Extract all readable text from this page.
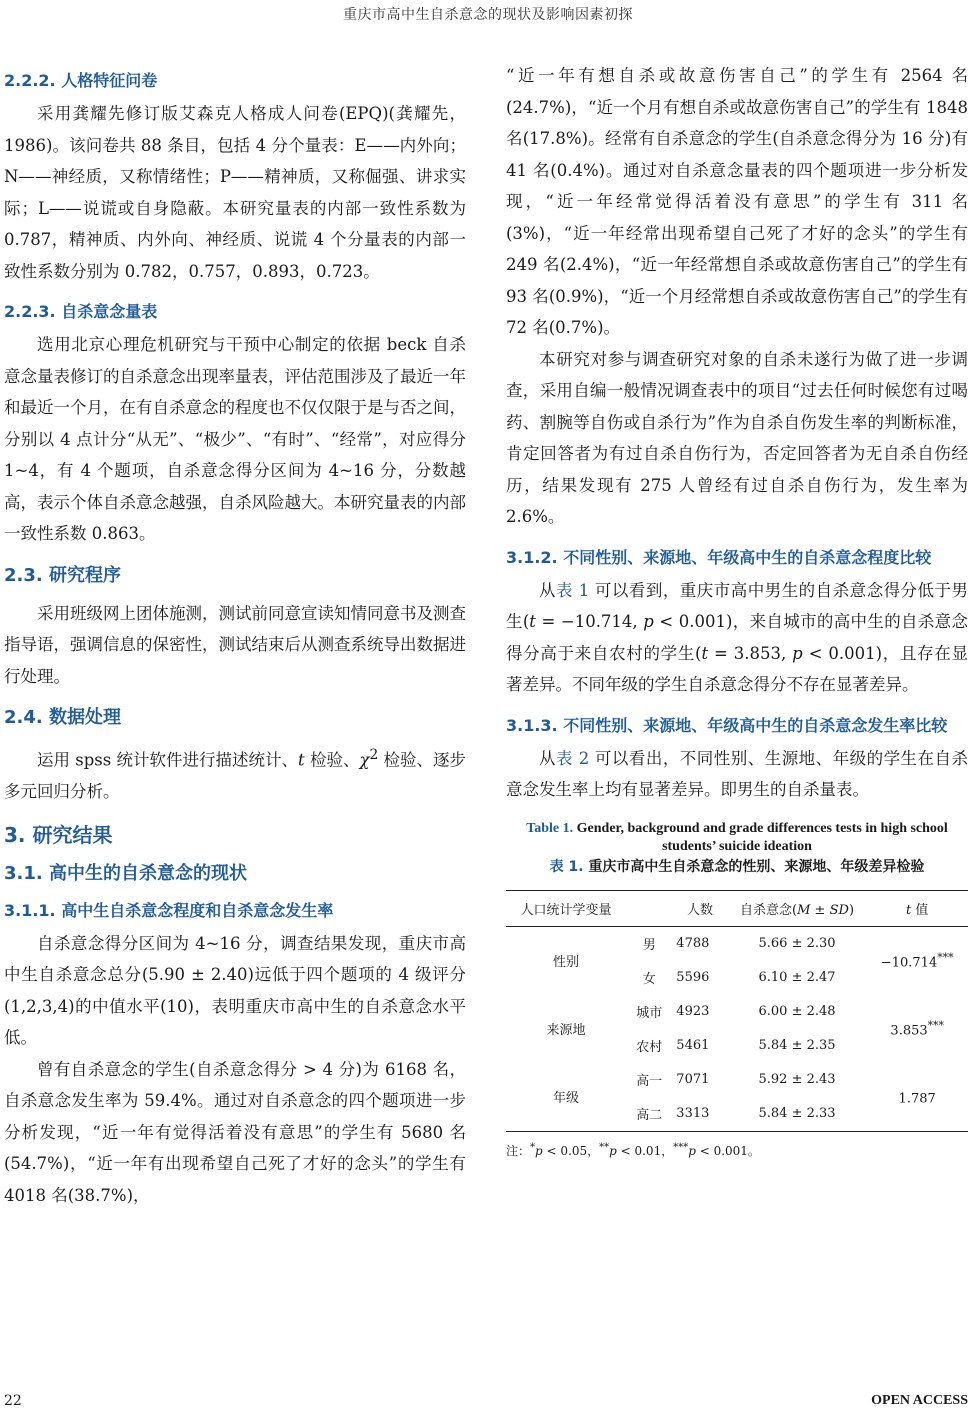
重庆市高中生自杀意念的现状及影响因素初探
2.2.2. 人格特征问卷

采用龚耀先修订版艾森克人格成人问卷(EPQ)(龚耀先，1986)。该问卷共 88 条目，包括 4 分个量表：E——内外向；N——神经质，又称情绪性；P——精神质，又称倔强、讲求实际；L——说谎或自身隐蔽。本研究量表的内部一致性系数为 0.787，精神质、内外向、神经质、说谎 4 个分量表的内部一致性系数分别为 0.782，0.757，0.893，0.723。

2.2.3. 自杀意念量表

选用北京心理危机研究与干预中心制定的依据 beck 自杀意念量表修订的自杀意念出现率量表，评估范围涉及了最近一年和最近一个月，在有自杀意念的程度也不仅仅限于是与否之间，分别以 4 点计分“从无”、“极少”、“有时”、“经常”，对应得分 1~4，有 4 个题项，自杀意念得分区间为 4~16 分，分数越高，表示个体自杀意念越强，自杀风险越大。本研究量表的内部一致性系数 0.863。

2.3. 研究程序

采用班级网上团体施测，测试前同意宣读知情同意书及测查指导语，强调信息的保密性，测试结束后从测查系统导出数据进行处理。

2.4. 数据处理

运用 spss 统计软件进行描述统计、t 检验、$\chi^2$ 检验、逐步多元回归分析。

3. 研究结果
3.1. 高中生的自杀意念的现状
3.1.1. 高中生自杀意念程度和自杀意念发生率

自杀意念得分区间为 4~16 分，调查结果发现，重庆市高中生自杀意念总分(5.90 ± 2.40)远低于四个题项的 4 级评分(1,2,3,4)的中值水平(10)，表明重庆市高中生的自杀意念水平低。

曾有自杀意念的学生(自杀意念得分 > 4 分)为 6168 名，自杀意念发生率为 59.4%。通过对自杀意念的四个题项进一步分析发现，“近一年有觉得活着没有意思”的学生有 5680 名(54.7%)，“近一年有出现希望自己死了才好的念头”的学生有 4018 名(38.7%)，

“近一年有想自杀或故意伤害自己”的学生有 2564 名(24.7%)，“近一个月有想自杀或故意伤害自己”的学生有 1848 名(17.8%)。经常有自杀意念的学生(自杀意念得分为 16 分)有 41 名(0.4%)。通过对自杀意念量表的四个题项进一步分析发现，“近一年经常觉得活着没有意思”的学生有 311 名(3%)，“近一年经常出现希望自己死了才好的念头”的学生有 249 名(2.4%)，“近一年经常想自杀或故意伤害自己”的学生有 93 名(0.9%)，“近一个月经常想自杀或故意伤害自己”的学生有 72 名(0.7%)。

本研究对参与调查研究对象的自杀未遂行为做了进一步调查，采用自编一般情况调查表中的项目“过去任何时候您有过喝药、割腕等自伤或自杀行为”作为自杀自伤发生率的判断标准，肯定回答者为有过自杀自伤行为，否定回答者为无自杀自伤经历，结果发现有 275 人曾经有过自杀自伤行为，发生率为 2.6%。

3.1.2. 不同性别、来源地、年级高中生的自杀意念程度比较

从表 1 可以看到，重庆市高中男生的自杀意念得分低于男生(t = −10.714, p < 0.001)，来自城市的高中生的自杀意念得分高于来自农村的学生(t = 3.853, p < 0.001)，且存在显著差异。不同年级的学生自杀意念得分不存在显著差异。

3.1.3. 不同性别、来源地、年级高中生的自杀意念发生率比较

从表 2 可以看出，不同性别、生源地、年级的学生在自杀意念发生率上均有显著差异。即男生的自杀量表。

Table 1. Gender, background and grade differences tests in high school students’ suicide ideation
表 1. 重庆市高中生自杀意念的性别、来源地、年级差异检验
人口统计学变量		人数	自杀意念(M ± SD)	t 值
性别	男	4788	5.66 ± 2.30	−10.714***
	女	5596	6.10 ± 2.47	
来源地	城市	4923	6.00 ± 2.48	3.853***
	农村	5461	5.84 ± 2.35	
年级	高一	7071	5.92 ± 2.43	1.787
	高二	3313	5.84 ± 2.33	
注：*p < 0.05，**p < 0.01，***p < 0.001。
22	OPEN ACCESS
